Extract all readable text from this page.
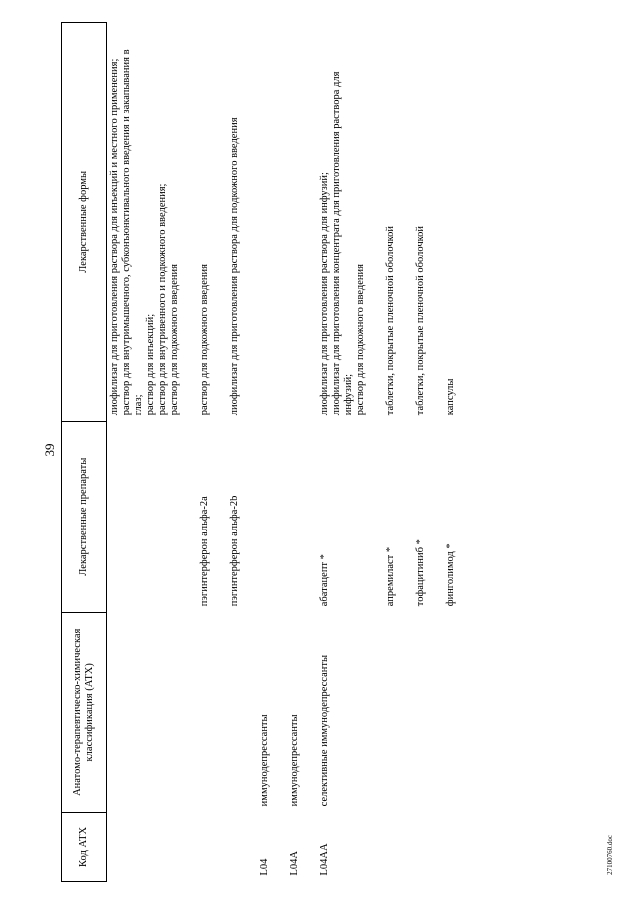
39
27100760.doc
Код АТХ	Анатомо-терапевтическо-химическая классификация (АТХ)	Лекарственные препараты	Лекарственные формы

			лиофилизат для приготовления раствора для инъекций и местного применения; раствор для внутримышечного, субконъюнктивального введения и закапывания в глаз; раствор для инъекций; раствор для внутривенного и подкожного введения; раствор для подкожного введения

		пэгинтерферон альфа-2a	раствор для подкожного введения

		пэгинтерферон альфа-2b	лиофилизат для приготовления раствора для подкожного введения

L04	иммунодепрессанты		
L04A	иммунодепрессанты		
L04AA	селективные иммунодепрессанты	абатацепт *	лиофилизат для приготовления раствора для инфузий; лиофилизат для приготовления концентрата для приготовления раствора для инфузий; раствор для подкожного введения

		апремиласт *	таблетки, покрытые пленочной оболочкой

		тофацитиниб *	таблетки, покрытые пленочной оболочкой

		финголимод *	капсулы
